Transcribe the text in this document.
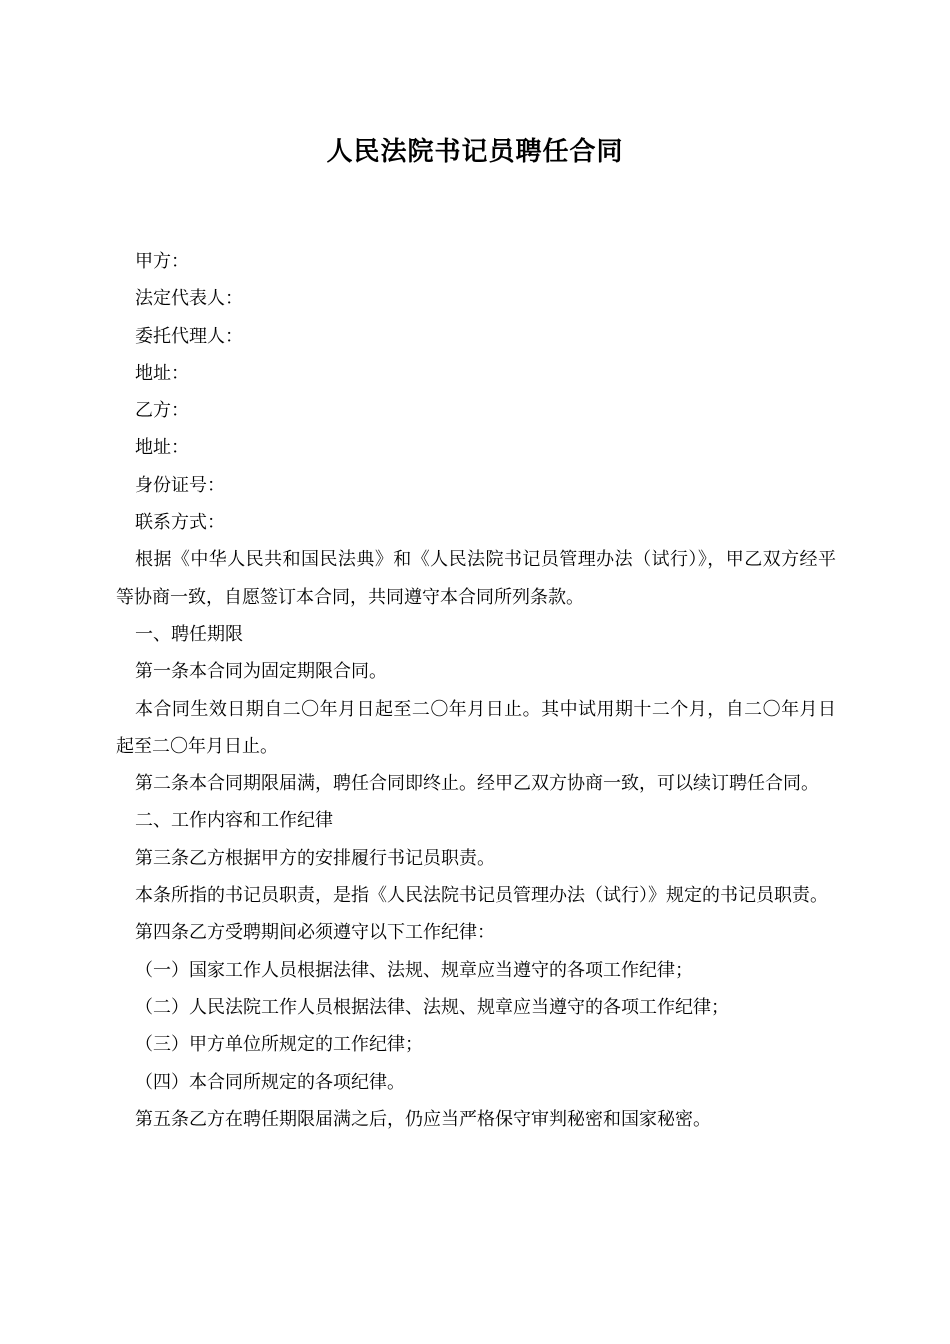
人民法院书记员聘任合同

甲方：

法定代表人：

委托代理人：

地址：

乙方：

地址：

身份证号：

联系方式：

根据《中华人民共和国民法典》和《人民法院书记员管理办法（试行）》，甲乙双方经平等协商一致，自愿签订本合同，共同遵守本合同所列条款。

一、聘任期限

第一条本合同为固定期限合同。

本合同生效日期自二〇年月日起至二〇年月日止。其中试用期十二个月，自二〇年月日起至二〇年月日止。

第二条本合同期限届满，聘任合同即终止。经甲乙双方协商一致，可以续订聘任合同。

二、工作内容和工作纪律

第三条乙方根据甲方的安排履行书记员职责。

本条所指的书记员职责，是指《人民法院书记员管理办法（试行）》规定的书记员职责。

第四条乙方受聘期间必须遵守以下工作纪律：

（一）国家工作人员根据法律、法规、规章应当遵守的各项工作纪律；

（二）人民法院工作人员根据法律、法规、规章应当遵守的各项工作纪律；

（三）甲方单位所规定的工作纪律；

（四）本合同所规定的各项纪律。

第五条乙方在聘任期限届满之后，仍应当严格保守审判秘密和国家秘密。
